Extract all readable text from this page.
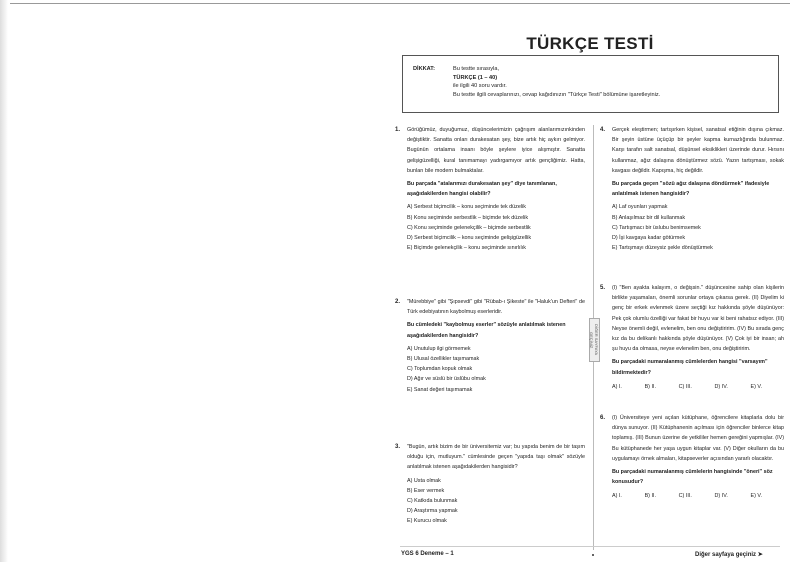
TÜRKÇE TESTİ
DİKKAT:	Bu testte sırasıyla,
TÜRKÇE (1 – 40)
ile ilgili 40 soru vardır.
Bu testte ilgili cevaplarınızı, cevap kağıdınızın "Türkçe Testi" bölümüne işaretleyiniz.
1. Görüğümüz, duyuğumuz, düşüncelerimizin çağrışım alanlarımızınkinden değiştiktir. Sanatta onları durakesatan şey, bize artık hiç aykırı gelmiyor. Bugünün ortalama insanı böyle şeylere iyice alışmıştır. Sanatta gelişigüzelliği, kural tanımamayı yadırgamıyor artık gençliğimiz. Hatta, bunları bile modern bulmaktalar.
Bu parçada "atalarımızı durakesatan şey" diye tanımlanan, aşağıdakilerden hangisi olabilir?
A) Serbest biçimcilik – konu seçiminde tek düzelik
B) Konu seçiminde serbestlik – biçimde tek düzelik
C) Konu seçiminde gelenekçilik – biçimde serbestlik
D) Serbest biçimcilik – konu seçiminde gelişigüzellik
E) Biçimde gelenekçilik – konu seçiminde sınırlılık
2. "Mürebbiye" gibi "Şıpsevdi" gibi "Rübab-ı Şikeste" ile "Haluk'un Defteri" de Türk edebiyatının kaybolmuş eserleridir.
Bu cümledeki "kaybolmuş eserler" sözüyle anlatılmak istenen aşağıdakilerden hangisidir?
A) Unutulup ilgi görmemek
B) Ulusal özellikler taşımamak
C) Toplumdan kopuk olmak
D) Ağır ve süslü bir üslûbu olmak
E) Sanat değeri taşımamak
3. "Bugün, artık bizim de bir üniversitemiz var; bu yapıda benim de bir taşım olduğu için, mutluyum." cümlesinde geçen "yapıda taşı olmak" sözüyle anlatılmak istenen aşağıdakilerden hangisidir?
A) Usta olmak
B) Eser vermek
C) Katkıda bulunmak
D) Araştırma yapmak
E) Kurucu olmak
DİĞER SAYFAYA GEÇİNİZ
4. Gerçek eleştirmen; tartışırken kişisel, sanatsal etiğinin dışına çıkmaz. Bir şeyin üstüne üçüçüp bir şeyler kapma kurnazlığında bulunmaz. Karşı tarafın salt sanatsal, düşünsel eksiklikleri üzerinde durur. Hırsını kullanmaz, ağız dalaşına dönüştürmez sözü. Yazın tartışması, sokak kavgası değildir. Kapışma, hiç değildir.
Bu parçada geçen "sözü ağız dalaşına döndürmek" ifadesiyle anlatılmak istenen hangisidir?
A) Laf oyunları yapmak
B) Anlaşılmaz bir dil kullanmak
C) Tartışmacı bir üslubu benimsemek
D) İşi kavgaya kadar götürmek
E) Tartışmayı düzeysiz şekle dönüştürmek
5. (I) "Ben ayakta kalayım, o değişsin." düşüncesine sahip olan kişilerin birlikte yaşamaları, önemli sorunlar ortaya çıkarsa gerek. (II) Diyelim ki genç bir erkek evlenmek üzere seçtiği kız hakkında şöyle düşünüyor: Pek çok olumlu özelliği var fakat bir huyu var ki beni rahatsız ediyor. (III) Neyse önemli değil, evlenelim, ben onu değiştiririm. (IV) Bu sırada genç kız da bu delikanlı hakkında şöyle düşünüyor. (V) Çok iyi bir insan; ah şu huyu da olmasa, neyse evlenelim ben, onu değiştiririm.
Bu parçadaki numaralanmış cümlelerden hangisi "varsayım" bildirmektedir?
A) I.	B) II.	C) III.	D) IV.	E) V.
6. (I) Üniversiteye yeni açılan kütüphane, öğrencilere kitaplarla dolu bir dünya sunuyor. (II) Kütüphanenin açılması için öğrenciler binlerce kitap toplamış. (III) Bunun üzerine de yetkililer hemen gereğini yapmışlar. (IV) Bu kütüphanede her yaşa uygun kitaplar var. (V) Diğer okulların da bu uygulamayı örnek almaları, kitapseverler açısından yararlı olacaktır.
Bu parçadaki numaralanmış cümlelerin hangisinde "öneri" söz konusudur?
A) I.	B) II.	C) III.	D) IV.	E) V.
YGS 6 Deneme – 1	Diğer sayfaya geçiniz ➤
